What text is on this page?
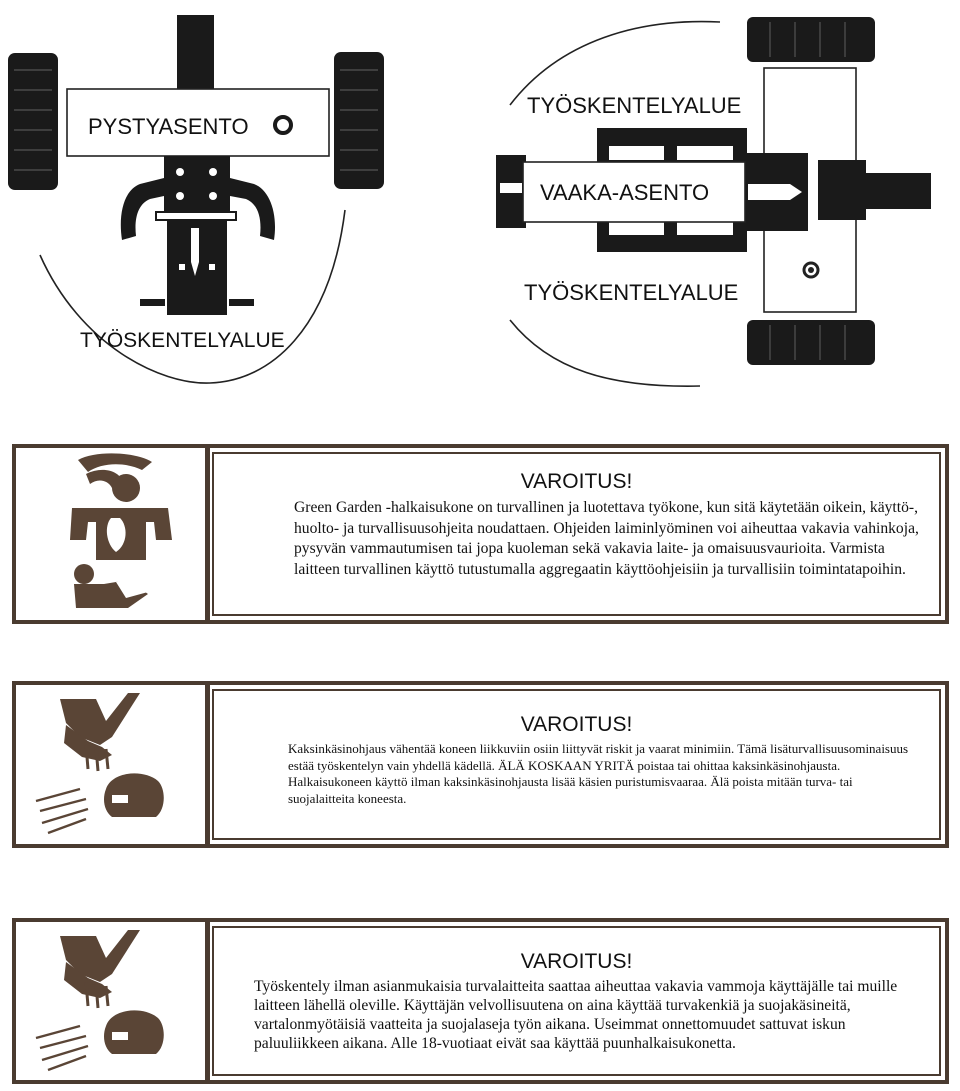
PYSTYASENTO
TYÖSKENTELYALUE
VAAKA-ASENTO
TYÖSKENTELYALUE
TYÖSKENTELYALUE
VAROITUS!

Green Garden -halkaisukone on turvallinen ja luotettava työkone, kun sitä käytetään oikein, käyttö-, huolto- ja turvallisuusohjeita noudattaen. Ohjeiden laiminlyöminen voi aiheuttaa vakavia vahinkoja, pysyvän vammautumisen tai jopa kuoleman sekä vakavia laite- ja omaisuusvaurioita. Varmista laitteen turvallinen käyttö tutustumalla aggregaatin käyttöohjeisiin ja turvallisiin toimintatapoihin.

VAROITUS!

Kaksinkäsinohjaus vähentää koneen liikkuviin osiin liittyvät riskit ja vaarat minimiin. Tämä lisäturvallisuusominaisuus estää työskentelyn vain yhdellä kädellä. ÄLÄ KOSKAAN YRITÄ poistaa tai ohittaa kaksinkäsinohjausta. Halkaisukoneen käyttö ilman kaksinkäsinohjausta lisää käsien puristumisvaaraa. Älä poista mitään turva- tai suojalaitteita koneesta.

VAROITUS!

Työskentely ilman asianmukaisia turvalaitteita saattaa aiheuttaa vakavia vammoja käyttäjälle tai muille laitteen lähellä oleville. Käyttäjän velvollisuutena on aina käyttää turvakenkiä ja suojakäsineitä, vartalonmyötäisiä vaatteita ja suojalaseja työn aikana. Useimmat onnettomuudet sattuvat iskun paluuliikkeen aikana. Alle 18-vuotiaat eivät saa käyttää puunhalkaisukonetta.
